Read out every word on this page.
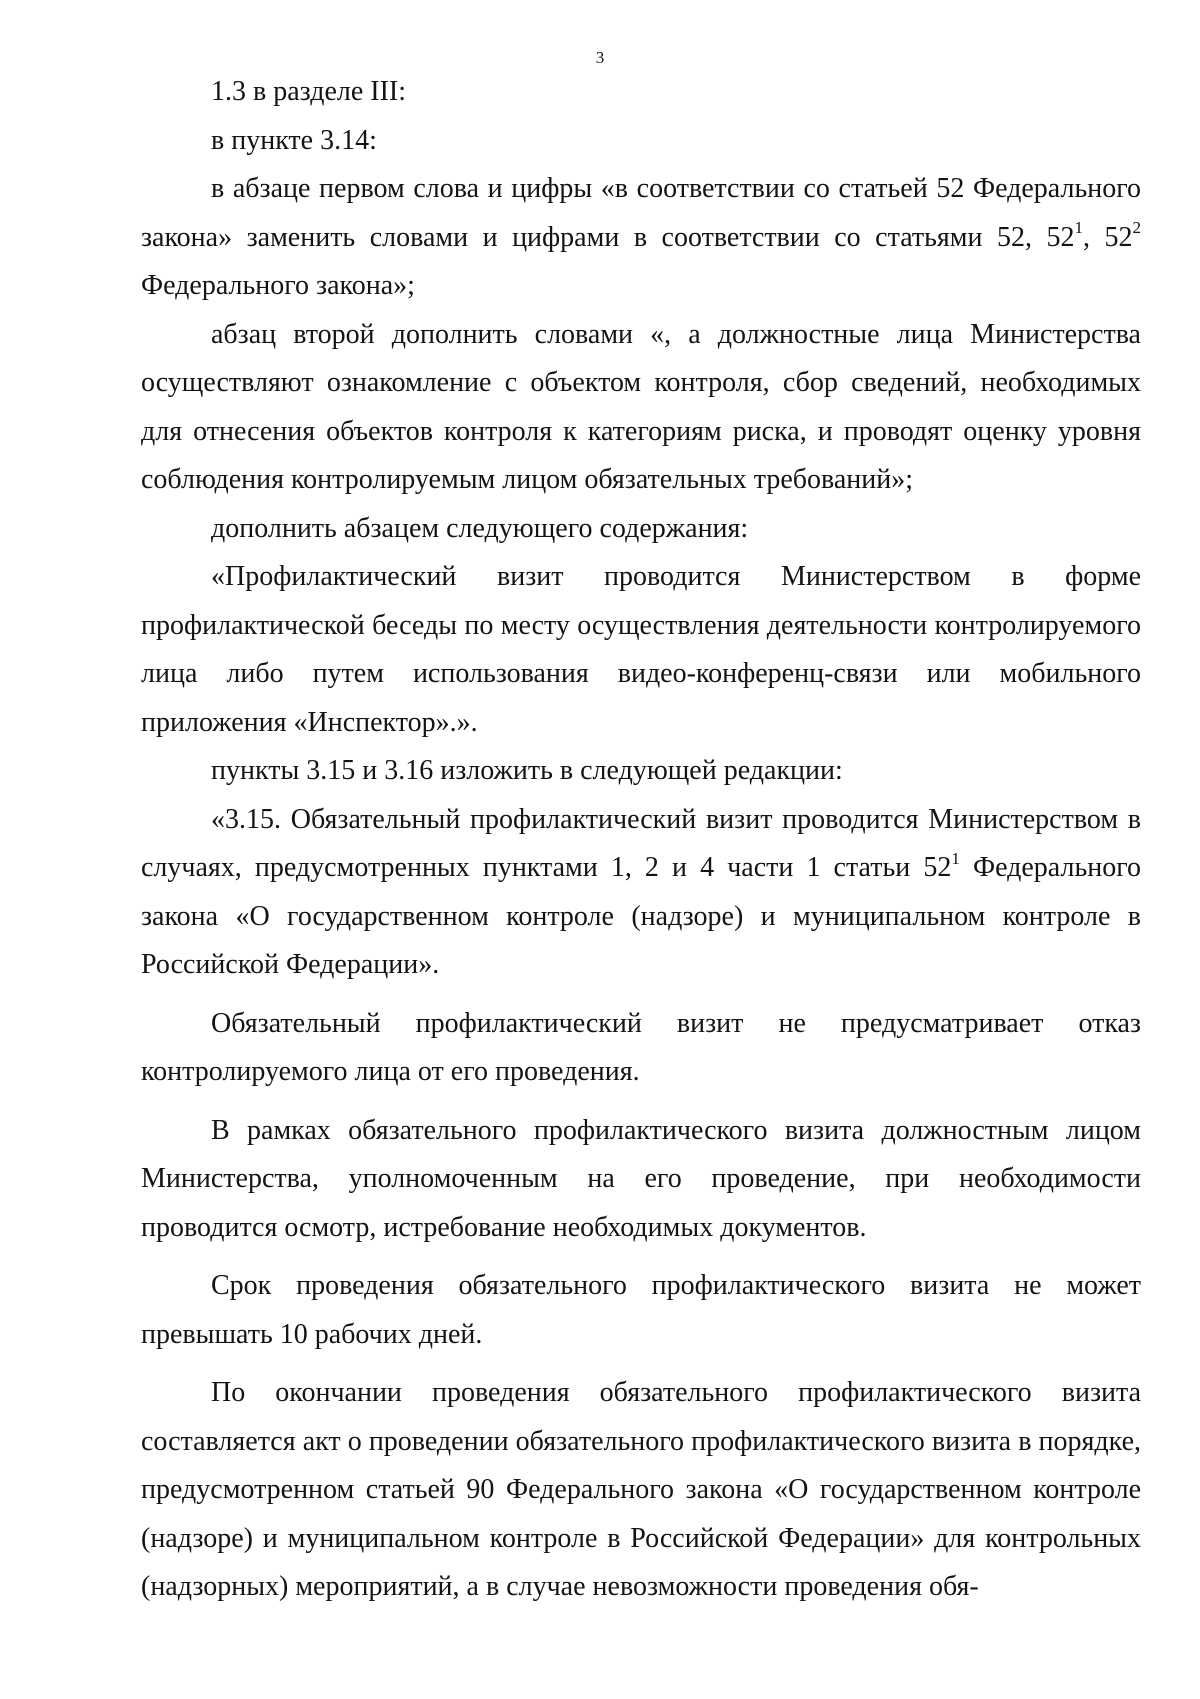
3

1.3 в разделе III:

в пункте 3.14:

в абзаце первом слова и цифры «в соответствии со статьей 52 Федерального закона» заменить словами и цифрами в соответствии со статьями 52, $52^1$, $52^2$ Федерального закона»;

абзац второй дополнить словами «, а должностные лица Министерства осуществляют ознакомление с объектом контроля, сбор сведений, необходимых для отнесения объектов контроля к категориям риска, и проводят оценку уровня соблюдения контролируемым лицом обязательных требований»;

дополнить абзацем следующего содержания:

«Профилактический визит проводится Министерством в форме профилактической беседы по месту осуществления деятельности контролируемого лица либо путем использования видео-конференц-связи или мобильного приложения «Инспектор».».

пункты 3.15 и 3.16 изложить в следующей редакции:

«3.15. Обязательный профилактический визит проводится Министерством в случаях, предусмотренных пунктами 1, 2 и 4 части 1 статьи $52^1$ Федерального закона «О государственном контроле (надзоре) и муниципальном контроле в Российской Федерации».

Обязательный профилактический визит не предусматривает отказ контролируемого лица от его проведения.

В рамках обязательного профилактического визита должностным лицом Министерства, уполномоченным на его проведение, при необходимости проводится осмотр, истребование необходимых документов.

Срок проведения обязательного профилактического визита не может превышать 10 рабочих дней.

По окончании проведения обязательного профилактического визита составляется акт о проведении обязательного профилактического визита в порядке, предусмотренном статьей 90 Федерального закона «О государственном контроле (надзоре) и муниципальном контроле в Российской Федерации» для контрольных (надзорных) мероприятий, а в случае невозможности проведения обя-
